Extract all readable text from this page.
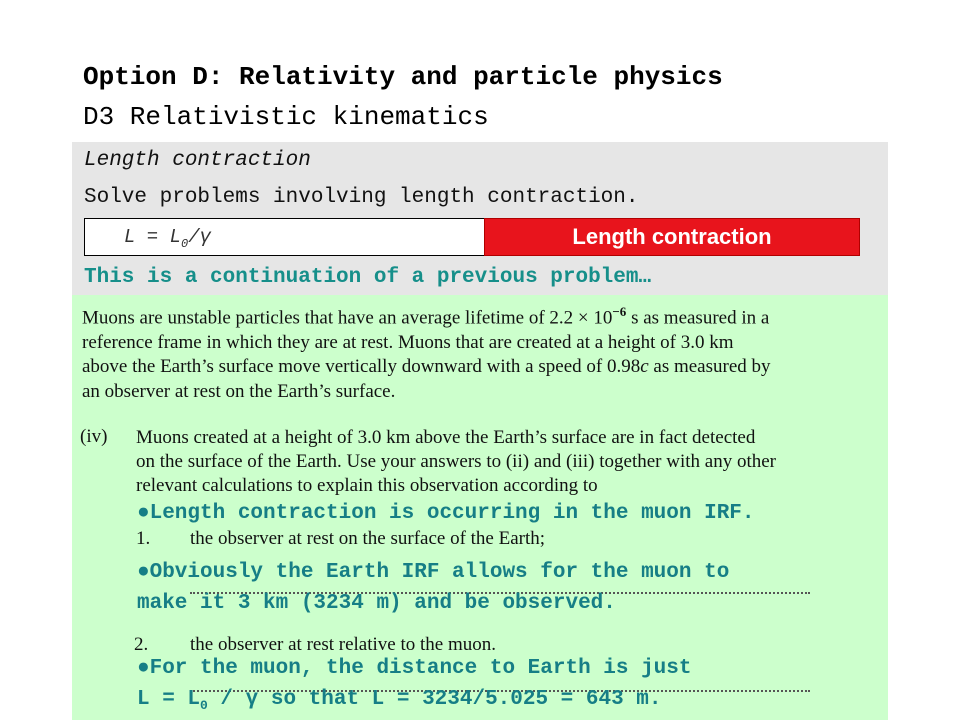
Option D: Relativity and particle physics
D3 Relativistic kinematics
Length contraction
Solve problems involving length contraction.
$L = L_0/\gamma$	Length contraction
This is a continuation of a previous problem…

Muons are unstable particles that have an average lifetime of $2.2 \times 10^{-6}$ s as measured in a

reference frame in which they are at rest. Muons that are created at a height of 3.0 km

above the Earth’s surface move vertically downward with a speed of 0.98c as measured by

an observer at rest on the Earth’s surface.

(iv) Muons created at a height of 3.0 km above the Earth’s surface are in fact detected

on the surface of the Earth. Use your answers to (ii) and (iii) together with any other

relevant calculations to explain this observation according to

1. the observer at rest on the surface of the Earth;
2. the observer at rest relative to the muon.
●Length contraction is occurring in the muon IRF.
●Obviously the Earth IRF allows for the muon to
make it 3 km (3234 m) and be observed.
●For the muon, the distance to Earth is just
$L = L_0 / \gamma$ so that L = 3234/5.025 = 643 m.
